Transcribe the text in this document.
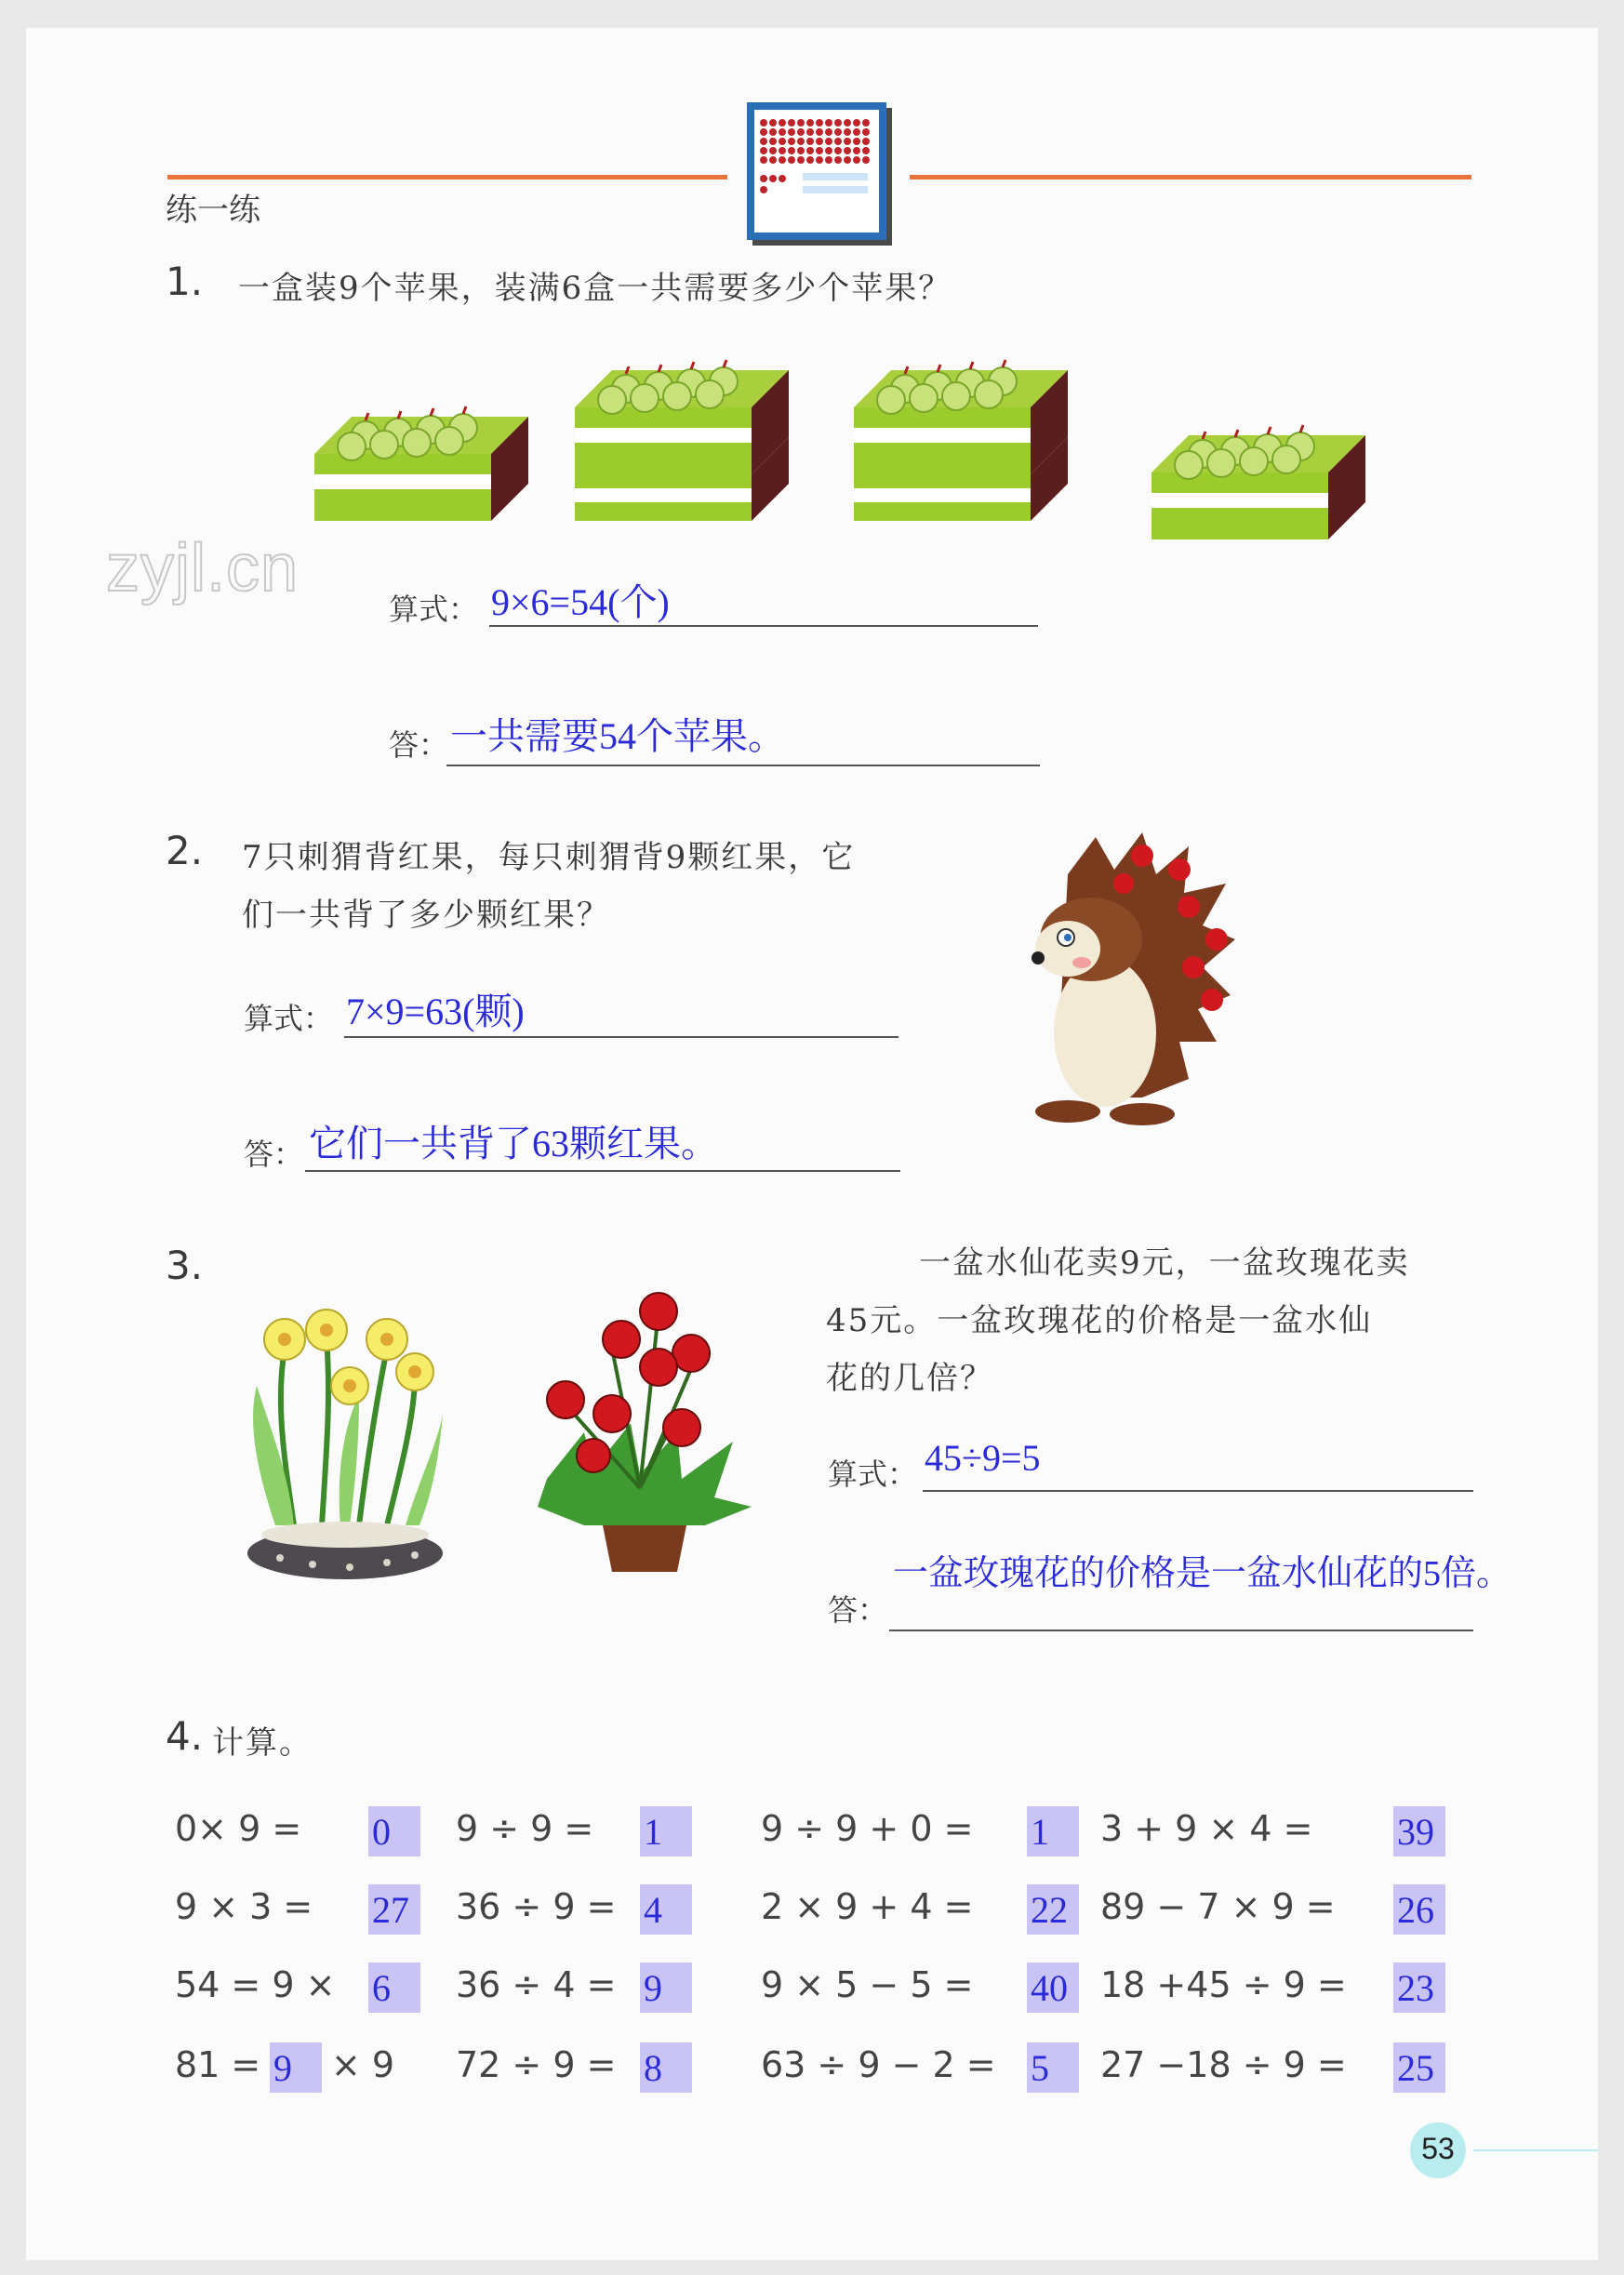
练一练
1. 一盒装9个苹果，装满6盒一共需要多少个苹果？
zyjl.cn
算式： 9×6=54(个)
答： 一共需要54个苹果。
2. 7只刺猬背红果，每只刺猬背9颗红果，它
们一共背了多少颗红果？
算式： 7×9=63(颗)
答： 它们一共背了63颗红果。
3.	一盆水仙花卖9元，一盆玫瑰花卖
45元。一盆玫瑰花的价格是一盆水仙
花的几倍？
算式： 45÷9=5
答：
一盆玫瑰花的价格是一盆水仙花的5倍。
4. 计算。
0× 9 = 0 9 ÷ 9 = 1	9 ÷ 9 + 0 = 1 3 + 9 × 4 = 39
9 × 3 = 27 36 ÷ 9 = 4	2 × 9 + 4 = 22 89 − 7 × 9 = 26
54 = 9 × 6 36 ÷ 4 = 9	9 × 5 − 5 = 40 18 +45 ÷ 9 = 23
81 = 9 × 9 72 ÷ 9 = 8	63 ÷ 9 − 2 = 5 27 −18 ÷ 9 = 25
53
